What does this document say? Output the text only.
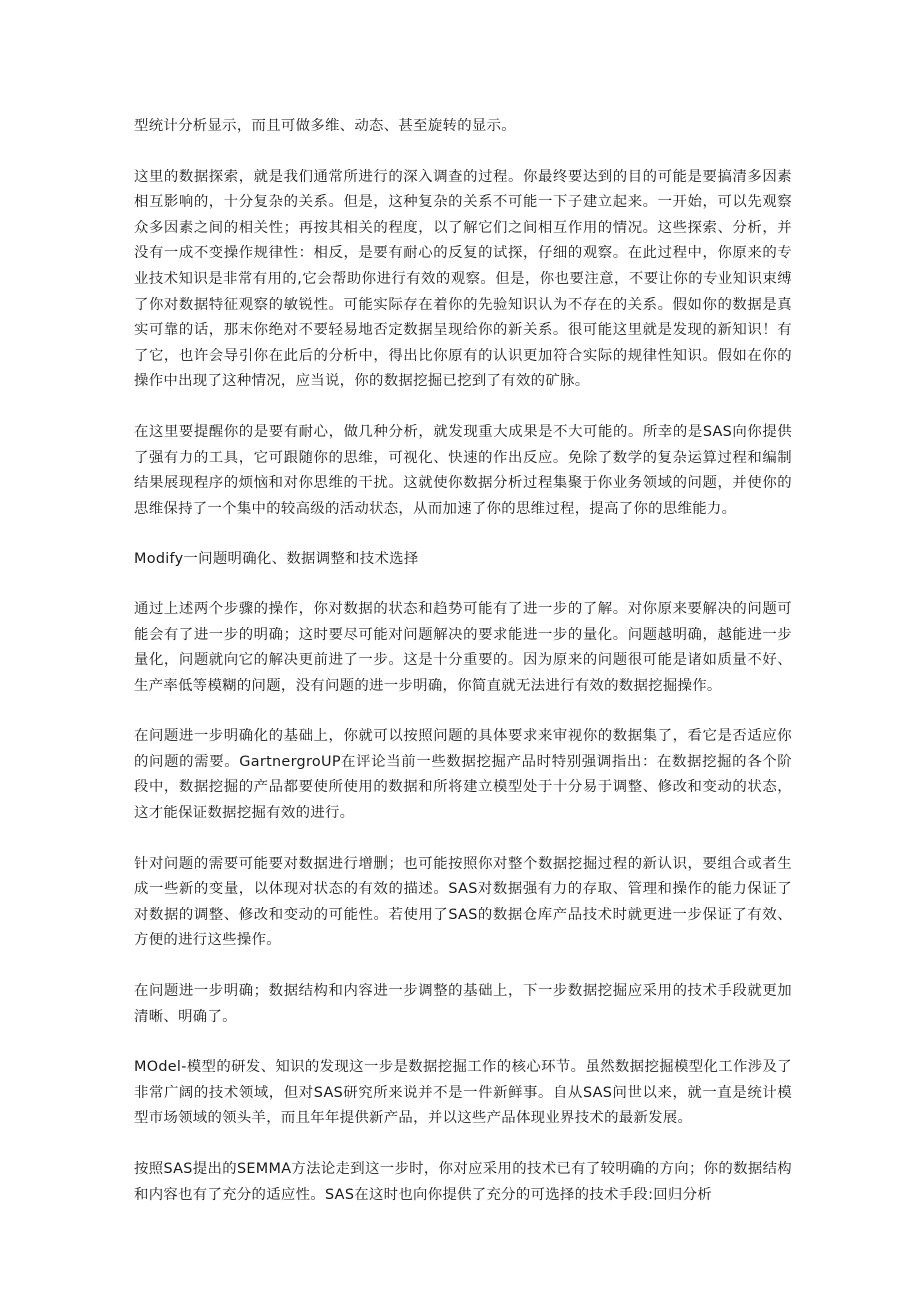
型统计分析显示，而且可做多维、动态、甚至旋转的显示。

这里的数据探索，就是我们通常所进行的深入调查的过程。你最终要达到的目的可能是要搞清多因素相互影响的，十分复杂的关系。但是，这种复杂的关系不可能一下子建立起来。一开始，可以先观察众多因素之间的相关性；再按其相关的程度，以了解它们之间相互作用的情况。这些探索、分析，并没有一成不变操作规律性：相反，是要有耐心的反复的试探，仔细的观察。在此过程中，你原来的专业技术知识是非常有用的,它会帮助你进行有效的观察。但是，你也要注意，不要让你的专业知识束缚了你对数据特征观察的敏锐性。可能实际存在着你的先验知识认为不存在的关系。假如你的数据是真实可靠的话，那末你绝对不要轻易地否定数据呈现给你的新关系。很可能这里就是发现的新知识！有了它，也许会导引你在此后的分析中，得出比你原有的认识更加符合实际的规律性知识。假如在你的操作中出现了这种情况，应当说，你的数据挖掘已挖到了有效的矿脉。

在这里要提醒你的是要有耐心，做几种分析，就发现重大成果是不大可能的。所幸的是SAS向你提供了强有力的工具，它可跟随你的思维，可视化、快速的作出反应。免除了数学的复杂运算过程和编制结果展现程序的烦恼和对你思维的干扰。这就使你数据分析过程集聚于你业务领域的问题，并使你的思维保持了一个集中的较高级的活动状态，从而加速了你的思维过程，提高了你的思维能力。

Modify一问题明确化、数据调整和技术选择

通过上述两个步骤的操作，你对数据的状态和趋势可能有了进一步的了解。对你原来要解决的问题可能会有了进一步的明确；这时要尽可能对问题解决的要求能进一步的量化。问题越明确，越能进一步量化，问题就向它的解决更前进了一步。这是十分重要的。因为原来的问题很可能是诸如质量不好、生产率低等模糊的问题，没有问题的进一步明确，你简直就无法进行有效的数据挖掘操作。

在问题进一步明确化的基础上，你就可以按照问题的具体要求来审视你的数据集了，看它是否适应你的问题的需要。GartnergroUP在评论当前一些数据挖掘产品时特别强调指出：在数据挖掘的各个阶段中，数据挖掘的产品都要使所使用的数据和所将建立模型处于十分易于调整、修改和变动的状态，这才能保证数据挖掘有效的进行。

针对问题的需要可能要对数据进行增删；也可能按照你对整个数据挖掘过程的新认识，要组合或者生成一些新的变量，以体现对状态的有效的描述。SAS对数据强有力的存取、管理和操作的能力保证了对数据的调整、修改和变动的可能性。若使用了SAS的数据仓库产品技术时就更进一步保证了有效、方便的进行这些操作。

在问题进一步明确；数据结构和内容进一步调整的基础上，下一步数据挖掘应采用的技术手段就更加清晰、明确了。

MOdel-模型的研发、知识的发现这一步是数据挖掘工作的核心环节。虽然数据挖掘模型化工作涉及了非常广阔的技术领域，但对SAS研究所来说并不是一件新鲜事。自从SAS问世以来，就一直是统计模型市场领域的领头羊，而且年年提供新产品，并以这些产品体现业界技术的最新发展。

按照SAS提出的SEMMA方法论走到这一步时，你对应采用的技术已有了较明确的方向；你的数据结构和内容也有了充分的适应性。SAS在这时也向你提供了充分的可选择的技术手段:回归分析
